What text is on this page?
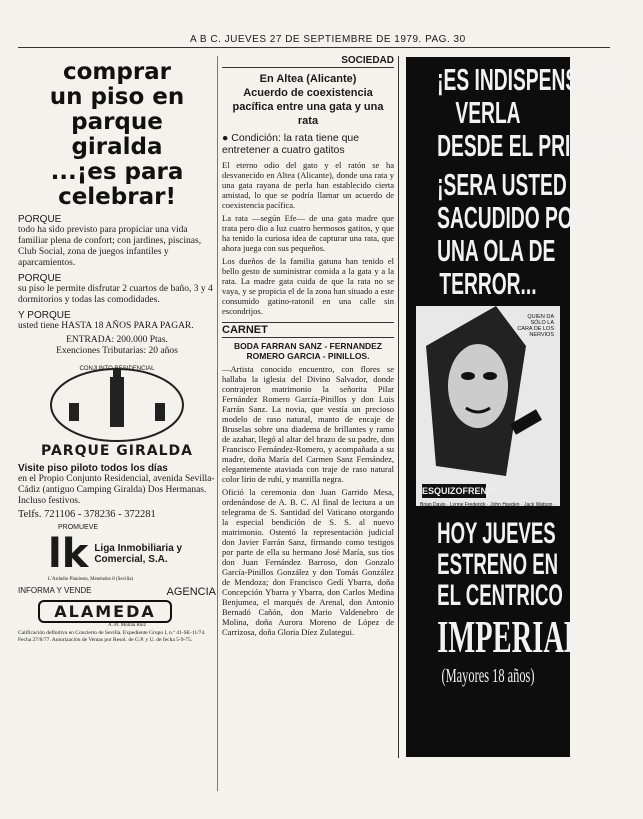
A B C. JUEVES 27 DE SEPTIEMBRE DE 1979. PAG. 30
comprar
un piso en
parque
giralda
...¡es para
celebrar!
PORQUE
todo ha sido previsto para propiciar una vida familiar plena de confort; con jardines, piscinas, Club Social, zona de juegos infantiles y aparcamientos.
PORQUE
su piso le permite disfrutar 2 cuartos de baño, 3 y 4 dormitorios y todas las comodidades.
Y PORQUE
usted tiene HASTA 18 AÑOS PARA PAGAR.
ENTRADA: 200.000 Ptas.
Exenciones Tributarias: 20 años
CONJUNTO RESIDENCIAL
PARQUE GIRALDA
Visite piso piloto todos los días
en el Propio Conjunto Residencial, avenida Sevilla-Cádiz (antiguo Camping Giralda) Dos Hermanas. Incluso festivos.
Telfs. 721106 - 378236 - 372281
PROMUEVE
lk Liga Inmobiliaria y Comercial, S.A.
L'Ardadio Planiesta, Menéndez 8 (Sevilla)
INFORMA Y VENDE	AGENCIA
ALAMEDA
A. Pl. Molina Ruiz
Calificación definitiva en Concierto de Sevilla. Expediente Grupo I, n.º 41-SE-11/74. Fecha 27/8/77. Autorización de Ventas por Resol. de G.P. y U. de fecha 5-9-75.
SOCIEDAD
En Altea (Alicante)
Acuerdo de coexistencia pacífica entre una gata y una rata
● Condición: la rata tiene que entretener a cuatro gatitos

El eterno odio del gato y el ratón se ha desvanecido en Altea (Alicante), donde una rata y una gata rayana de perla han establecido cierta amistad, lo que se podría llamar un acuerdo de coexistencia pacífica.

La rata —según Efe— de una gata madre que trata pero dio a luz cuatro hermosos gatitos, y que ha tenido la curiosa idea de capturar una rata, que ahora juega con sus pequeños.

Los dueños de la familia gatuna han tenido el bello gesto de suministrar comida a la gata y a la rata. La madre gata cuida de que la rata no se vaya, y se propicia el de la zona han situado a este consumido gatino-ratonil en una calle sin escondrijos.

CARNET

BODA FARRAN SANZ - FERNANDEZ ROMERO GARCIA - PINILLOS.

—Artista conocido encuentro, con flores se hallaba la iglesia del Divino Salvador, donde contrajeron matrimonio la señorita Pilar Fernández Romero García-Pinillos y don Luis Farrán Sanz. La novia, que vestía un precioso modelo de raso natural, manto de encaje de Bruselas sobre una diadema de brillantes y ramo de azahar, llegó al altar del brazo de su padre, don Francisco Fernández-Romero, y acompañada a su madre, doña María del Carmen Sanz Fernández, elegantemente ataviada con traje de raso natural color lirio de rubí, y mantilla negra.

Ofició la ceremonia don Juan Garrido Mesa, ordenándose de A. B. C. Al final de lectura a un telegrama de S. Santidad del Vaticano otorgando la especial bendición de S. S. al nuevo matrimonio. Ostentó la representación judicial don Javier Farrán Sanz, firmando como testigos por parte de ella su hermano José María, sus tíos don Juan Fernández Barroso, don Gonzalo García-Pinillos González y don Tomás González de Mendoza; don Francisco Gedí Ybarra, doña Concepción Ybarra y Ybarra, don Carlos Medina Benjumea, el marqués de Arenal, don Antonio Bernadó Cañón, don Mario Valdenebro de Molina, doña Aurora Moreno de López de Carrizosa, doña Gloria Díez Zulategui.

¡ES INDISPENSABLE
VERLA
DESDE EL PRINCIPIO!
¡SERA USTED
SACUDIDO POR
UNA OLA DE
TERROR...
QUIEN DA SÓLO LA CARA DE LOS NERVIOS
ESQUIZOFRENIA
Brian Davis · Lynne Frederick · John Hayden · Jack Watson · Jenkins · Fowlds
HOY JUEVES
ESTRENO EN
EL CENTRICO
IMPERIAL
(Mayores 18 años)
